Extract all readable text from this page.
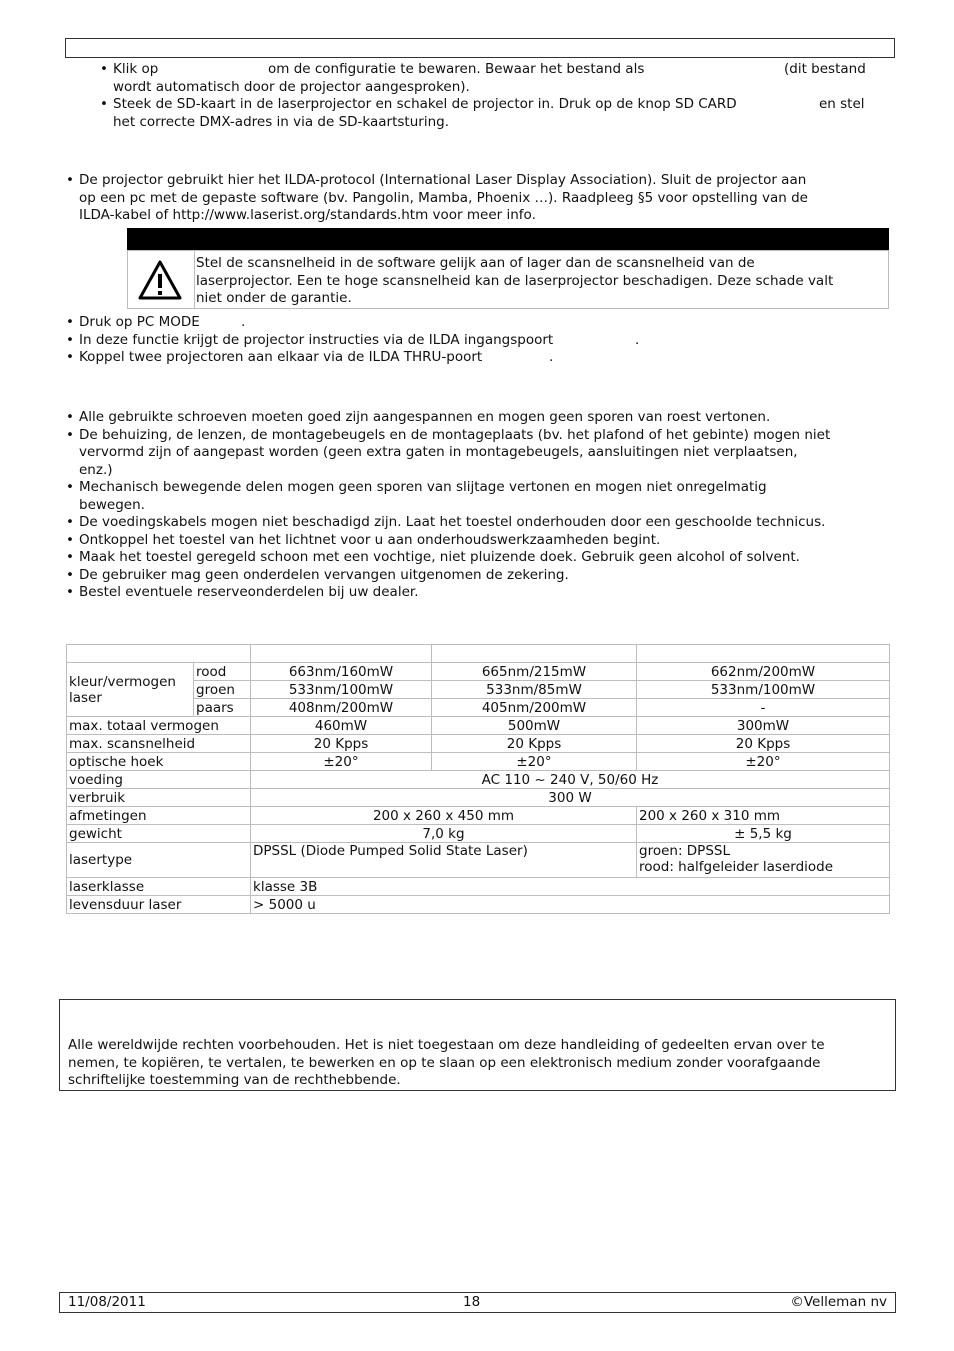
• Klik op	om de configuratie te bewaren. Bewaar het bestand als	(dit bestand
wordt automatisch door de projector aangesproken).
• Steek de SD-kaart in de laserprojector en schakel de projector in. Druk op de knop SD CARD	en stel
het correcte DMX-adres in via de SD-kaartsturing.
• De projector gebruikt hier het ILDA-protocol (International Laser Display Association). Sluit de projector aan
op een pc met de gepaste software (bv. Pangolin, Mamba, Phoenix …). Raadpleeg §5 voor opstelling van de
ILDA-kabel of http://www.laserist.org/standards.htm voor meer info.
Stel de scansnelheid in de software gelijk aan of lager dan de scansnelheid van de
laserprojector. Een te hoge scansnelheid kan de laserprojector beschadigen. Deze schade valt
niet onder de garantie.
• Druk op PC MODE	.
• In deze functie krijgt de projector instructies via de ILDA ingangspoort	.
• Koppel twee projectoren aan elkaar via de ILDA THRU-poort	.
• Alle gebruikte schroeven moeten goed zijn aangespannen en mogen geen sporen van roest vertonen.
• De behuizing, de lenzen, de montagebeugels en de montageplaats (bv. het plafond of het gebinte) mogen niet
vervormd zijn of aangepast worden (geen extra gaten in montagebeugels, aansluitingen niet verplaatsen,
enz.)
• Mechanisch bewegende delen mogen geen sporen van slijtage vertonen en mogen niet onregelmatig
bewegen.
• De voedingskabels mogen niet beschadigd zijn. Laat het toestel onderhouden door een geschoolde technicus.
• Ontkoppel het toestel van het lichtnet voor u aan onderhoudswerkzaamheden begint.
• Maak het toestel geregeld schoon met een vochtige, niet pluizende doek. Gebruik geen alcohol of solvent.
• De gebruiker mag geen onderdelen vervangen uitgenomen de zekering.
• Bestel eventuele reserveonderdelen bij uw dealer.

kleur/vermogen laser	rood	663nm/160mW	665nm/215mW	662nm/200mW
	groen	533nm/100mW	533nm/85mW	533nm/100mW
	paars	408nm/200mW	405nm/200mW	-
max. totaal vermogen		460mW	500mW	300mW
max. scansnelheid		20 Kpps	20 Kpps	20 Kpps
optische hoek		±20°	±20°	±20°
voeding		AC 110 ~ 240 V, 50/60 Hz		
verbruik		300 W		
afmetingen		200 x 260 x 450 mm		200 x 260 x 310 mm
gewicht		7,0 kg		± 5,5 kg
lasertype		DPSSL (Diode Pumped Solid State Laser)		groen: DPSSL
rood: halfgeleider laserdiode

laserklasse		klasse 3B		
levensduur laser		> 5000 u		
Alle wereldwijde rechten voorbehouden. Het is niet toegestaan om deze handleiding of gedeelten ervan over te
nemen, te kopiëren, te vertalen, te bewerken en op te slaan op een elektronisch medium zonder voorafgaande
schriftelijke toestemming van de rechthebbende.
11/08/2011	18	©Velleman nv
